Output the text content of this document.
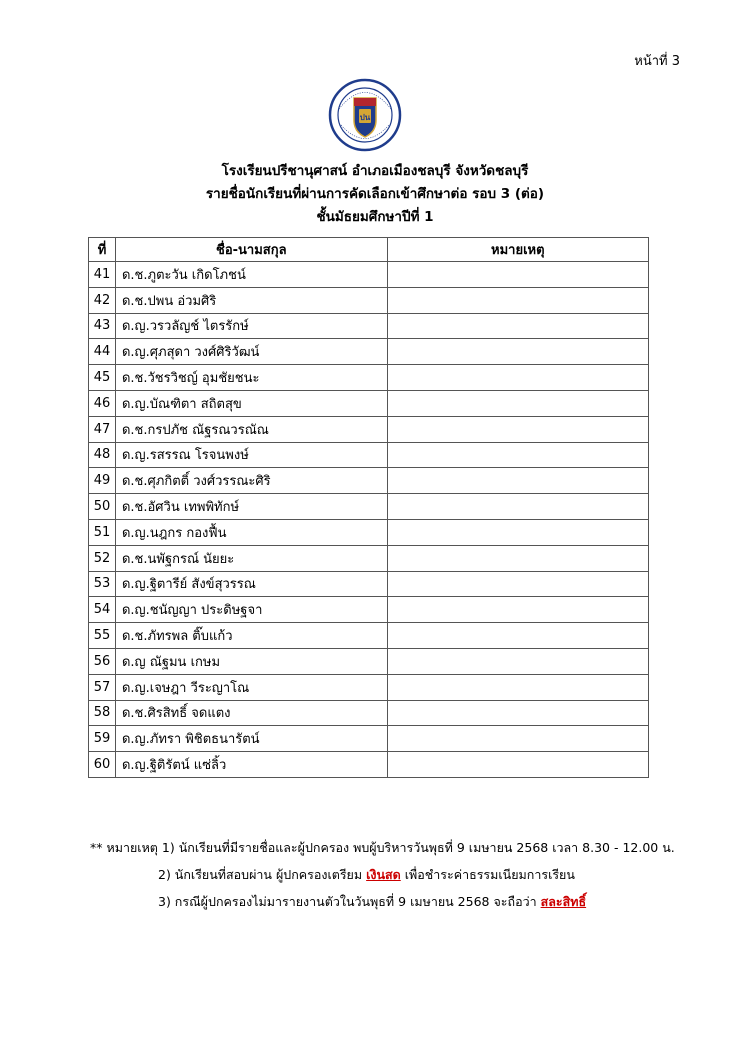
หน้าที่ 3
ปน
โรงเรียนปรีชานุศาสน์ อำเภอเมืองชลบุรี จังหวัดชลบุรี
รายชื่อนักเรียนที่ผ่านการคัดเลือกเข้าศึกษาต่อ รอบ 3 (ต่อ)
ชั้นมัธยมศึกษาปีที่ 1
ที่	ชื่อ-นามสกุล	หมายเหตุ
41	ด.ช.ภูตะวัน เกิดโภชน์	
42	ด.ช.ปพน อ่วมศิริ	
43	ด.ญ.วรวลัญช์ ไตรรักษ์	
44	ด.ญ.ศุภสุดา วงศ์ศิริวัฒน์	
45	ด.ช.วัชรวิชญ์ อุมชัยชนะ	
46	ด.ญ.บัณฑิตา สถิตสุข	
47	ด.ช.กรปภัช ณัฐรณวรณัณ	
48	ด.ญ.รสรรณ โรจนพงษ์	
49	ด.ช.ศุภกิตติ์ วงศ์วรรณะศิริ	
50	ด.ช.อัศวิน เทพพิทักษ์	
51	ด.ญ.นฎกร กองฟื้น	
52	ด.ช.นพัฐกรณ์ นัยยะ	
53	ด.ญ.ฐิตารีย์ สังข์สุวรรณ	
54	ด.ญ.ชนัญญา ประดิษฐจา	
55	ด.ช.ภัทรพล ติ๊บแก้ว	
56	ด.ญ ณัฐมน เกษม	
57	ด.ญ.เจษฎา วีระญาโณ	
58	ด.ช.ศิรสิทธิ์ จดแตง	
59	ด.ญ.ภัทรา พิชิตธนารัตน์	
60	ด.ญ.ฐิติรัตน์ แซ่ลิ้ว	
** หมายเหตุ 1) นักเรียนที่มีรายชื่อและผู้ปกครอง พบผู้บริหารวันพุธที่ 9 เมษายน 2568 เวลา 8.30 - 12.00 น.
2) นักเรียนที่สอบผ่าน ผู้ปกครองเตรียม เงินสด เพื่อชำระค่าธรรมเนียมการเรียน
3) กรณีผู้ปกครองไม่มารายงานตัวในวันพุธที่ 9 เมษายน 2568 จะถือว่า สละสิทธิ์
